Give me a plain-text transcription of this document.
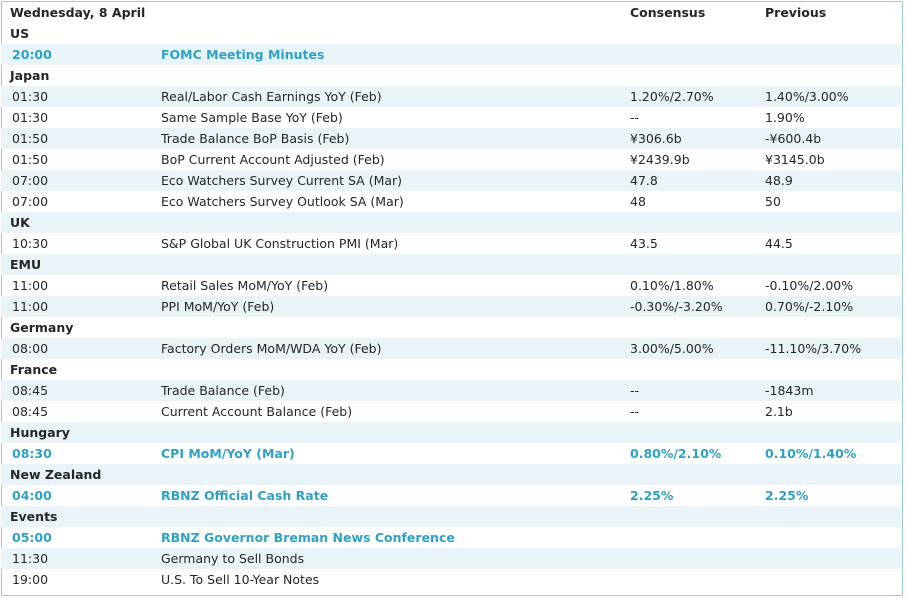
Wednesday, 8 April		Consensus	Previous
US			
20:00	FOMC Meeting Minutes		
Japan			
01:30	Real/Labor Cash Earnings YoY (Feb)	1.20%/2.70%	1.40%/3.00%
01:30	Same Sample Base YoY (Feb)	--	1.90%
01:50	Trade Balance BoP Basis (Feb)	¥306.6b	-¥600.4b
01:50	BoP Current Account Adjusted (Feb)	¥2439.9b	¥3145.0b
07:00	Eco Watchers Survey Current SA (Mar)	47.8	48.9
07:00	Eco Watchers Survey Outlook SA (Mar)	48	50
UK			
10:30	S&P Global UK Construction PMI (Mar)	43.5	44.5
EMU			
11:00	Retail Sales MoM/YoY (Feb)	0.10%/1.80%	-0.10%/2.00%
11:00	PPI MoM/YoY (Feb)	-0.30%/-3.20%	0.70%/-2.10%
Germany			
08:00	Factory Orders MoM/WDA YoY (Feb)	3.00%/5.00%	-11.10%/3.70%
France			
08:45	Trade Balance (Feb)	--	-1843m
08:45	Current Account Balance (Feb)	--	2.1b
Hungary			
08:30	CPI MoM/YoY (Mar)	0.80%/2.10%	0.10%/1.40%
New Zealand			
04:00	RBNZ Official Cash Rate	2.25%	2.25%
Events			
05:00	RBNZ Governor Breman News Conference		
11:30	Germany to Sell Bonds		
19:00	U.S. To Sell 10-Year Notes		
